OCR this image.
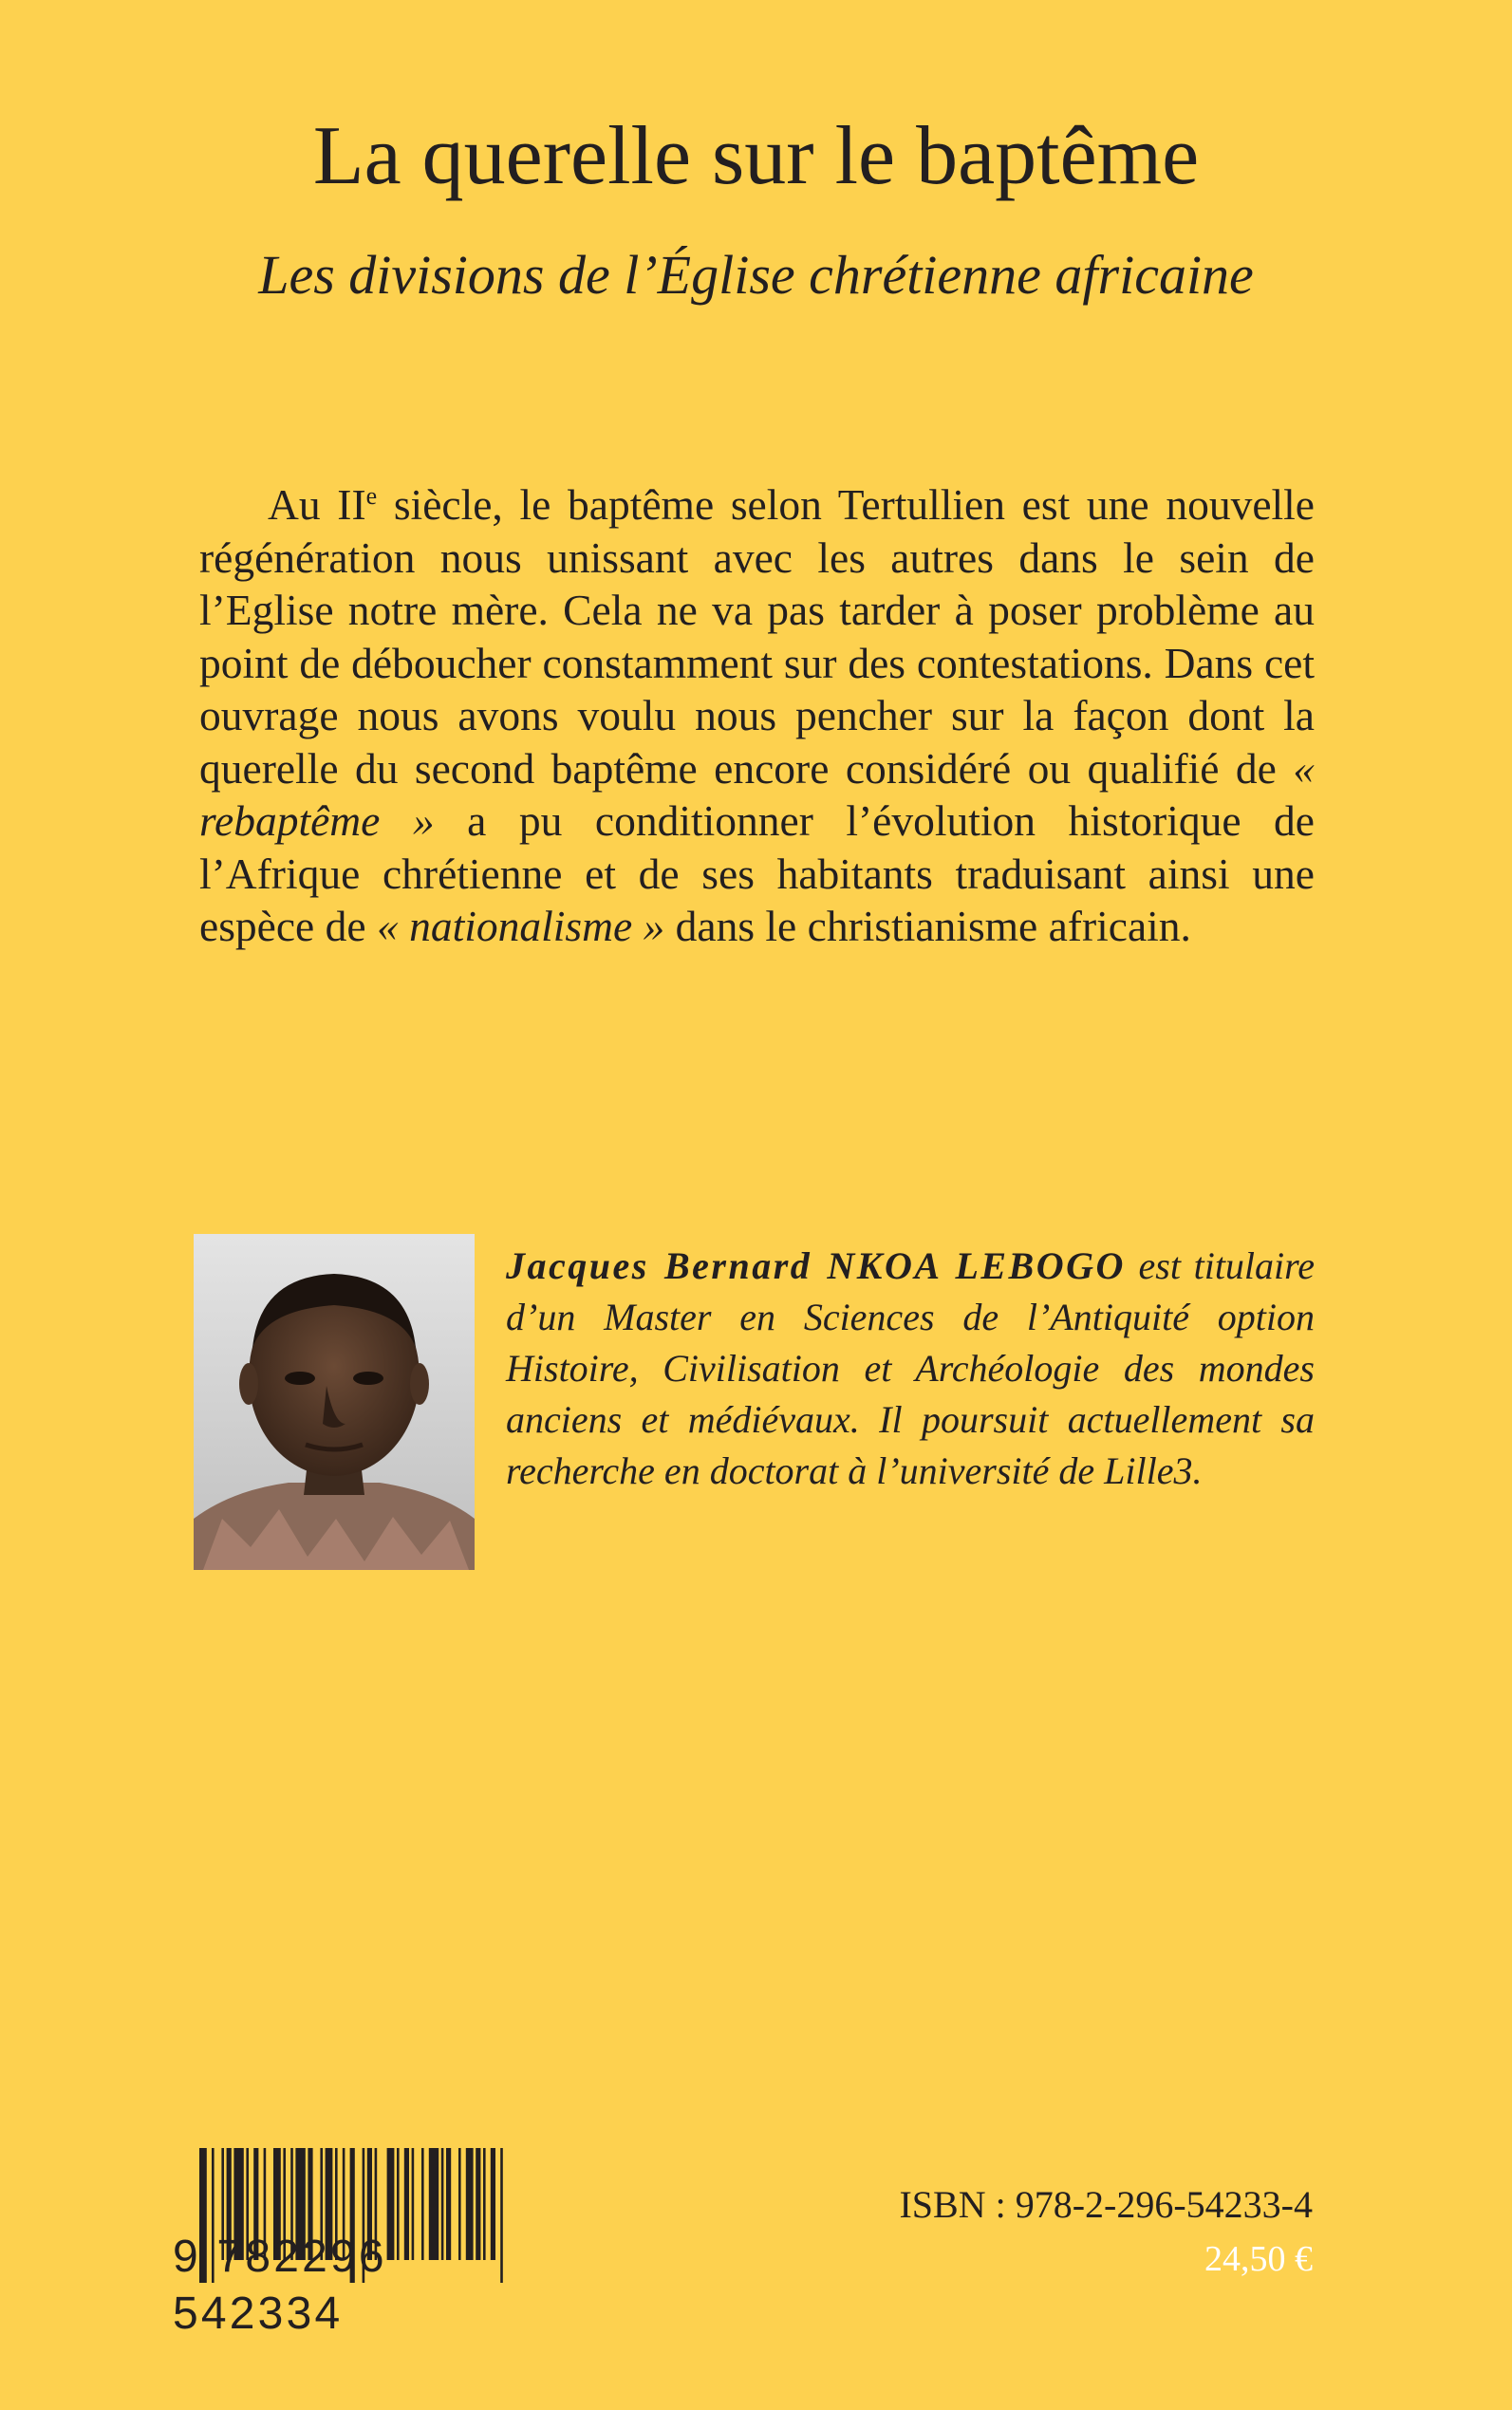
La querelle sur le baptême
Les divisions de l’Église chrétienne africaine

Au IIe siècle, le baptême selon Tertullien est une nouvelle régénération nous unissant avec les autres dans le sein de l’Eglise notre mère. Cela ne va pas tarder à poser problème au point de déboucher constamment sur des contestations. Dans cet ouvrage nous avons voulu nous pencher sur la façon dont la querelle du second baptême encore considéré ou qualifié de « rebaptême » a pu conditionner l’évolution historique de l’Afrique chrétienne et de ses habitants traduisant ainsi une espèce de « nationalisme » dans le christianisme africain.

Jacques Bernard NKOA LEBOGO est titulaire d’un Master en Sciences de l’Antiquité option Histoire, Civilisation et Archéologie des mondes anciens et médiévaux. Il poursuit actuellement sa recherche en doctorat à l’université de Lille3.

9 782296 542334
ISBN : 978-2-296-54233-4
24,50 €
